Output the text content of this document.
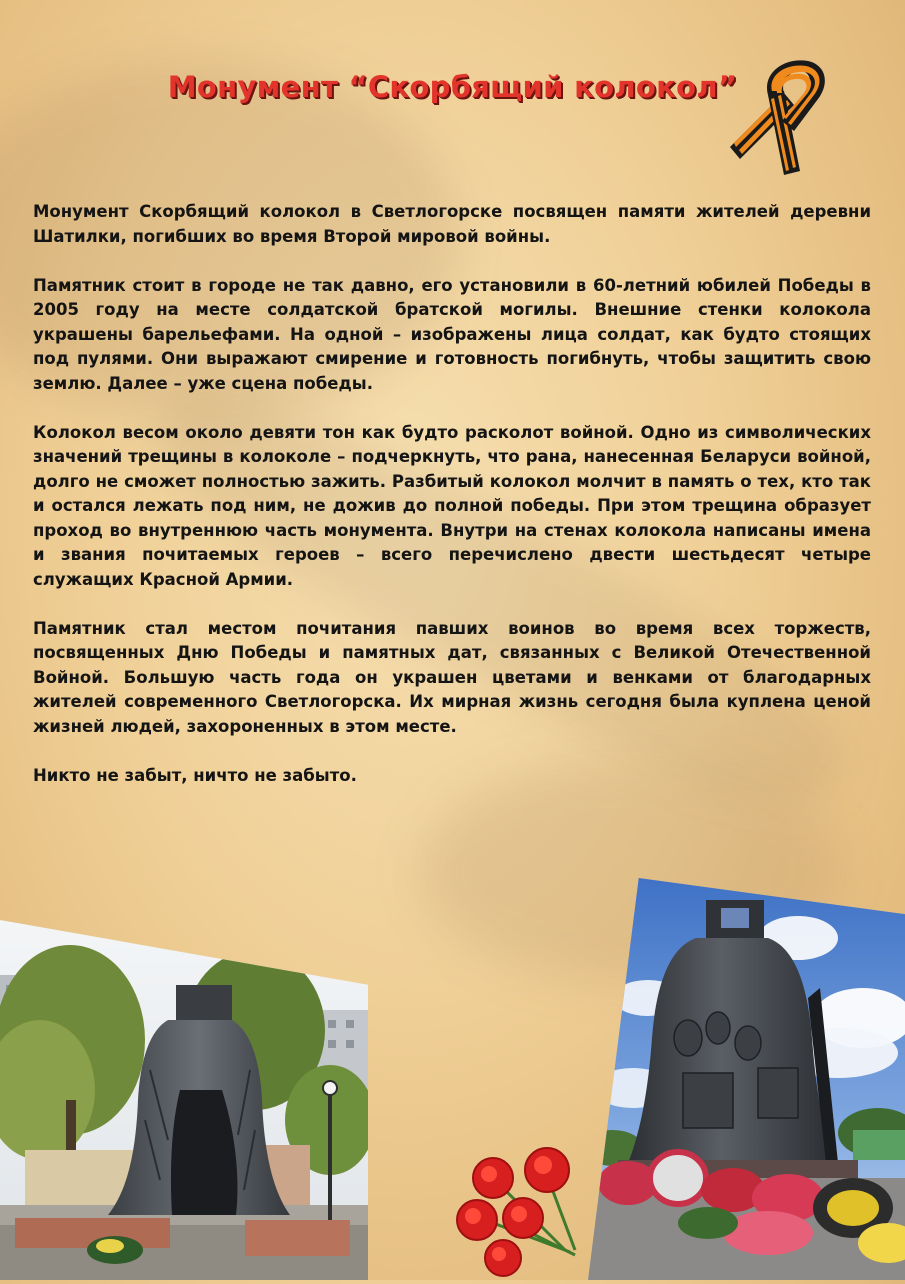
Монумент “Скорбящий колокол”

Монумент Скорбящий колокол в Светлогорске посвящен памяти жителей деревни Шатилки, погибших во время Второй мировой войны.

Памятник стоит в городе не так давно, его установили в 60-летний юбилей Победы в 2005 году на месте солдатской братской могилы. Внешние стенки колокола украшены барельефами. На одной – изображены лица солдат, как будто стоящих под пулями. Они выражают смирение и готовность погибнуть, чтобы защитить свою землю. Далее – уже сцена победы.

Колокол весом около девяти тон как будто расколот войной. Одно из символических значений трещины в колоколе – подчеркнуть, что рана, нанесенная Беларуси войной, долго не сможет полностью зажить. Разбитый колокол молчит в память о тех, кто так и остался лежать под ним, не дожив до полной победы. При этом трещина образует проход во внутреннюю часть монумента. Внутри на стенах колокола написаны имена и звания почитаемых героев – всего перечислено двести шестьдесят четыре служащих Красной Армии.

Памятник стал местом почитания павших воинов во время всех торжеств, посвященных Дню Победы и памятных дат, связанных с Великой Отечественной Войной. Большую часть года он украшен цветами и венками от благодарных жителей современного Светлогорска. Их мирная жизнь сегодня была куплена ценой жизней людей, захороненных в этом месте.

Никто не забыт, ничто не забыто.
